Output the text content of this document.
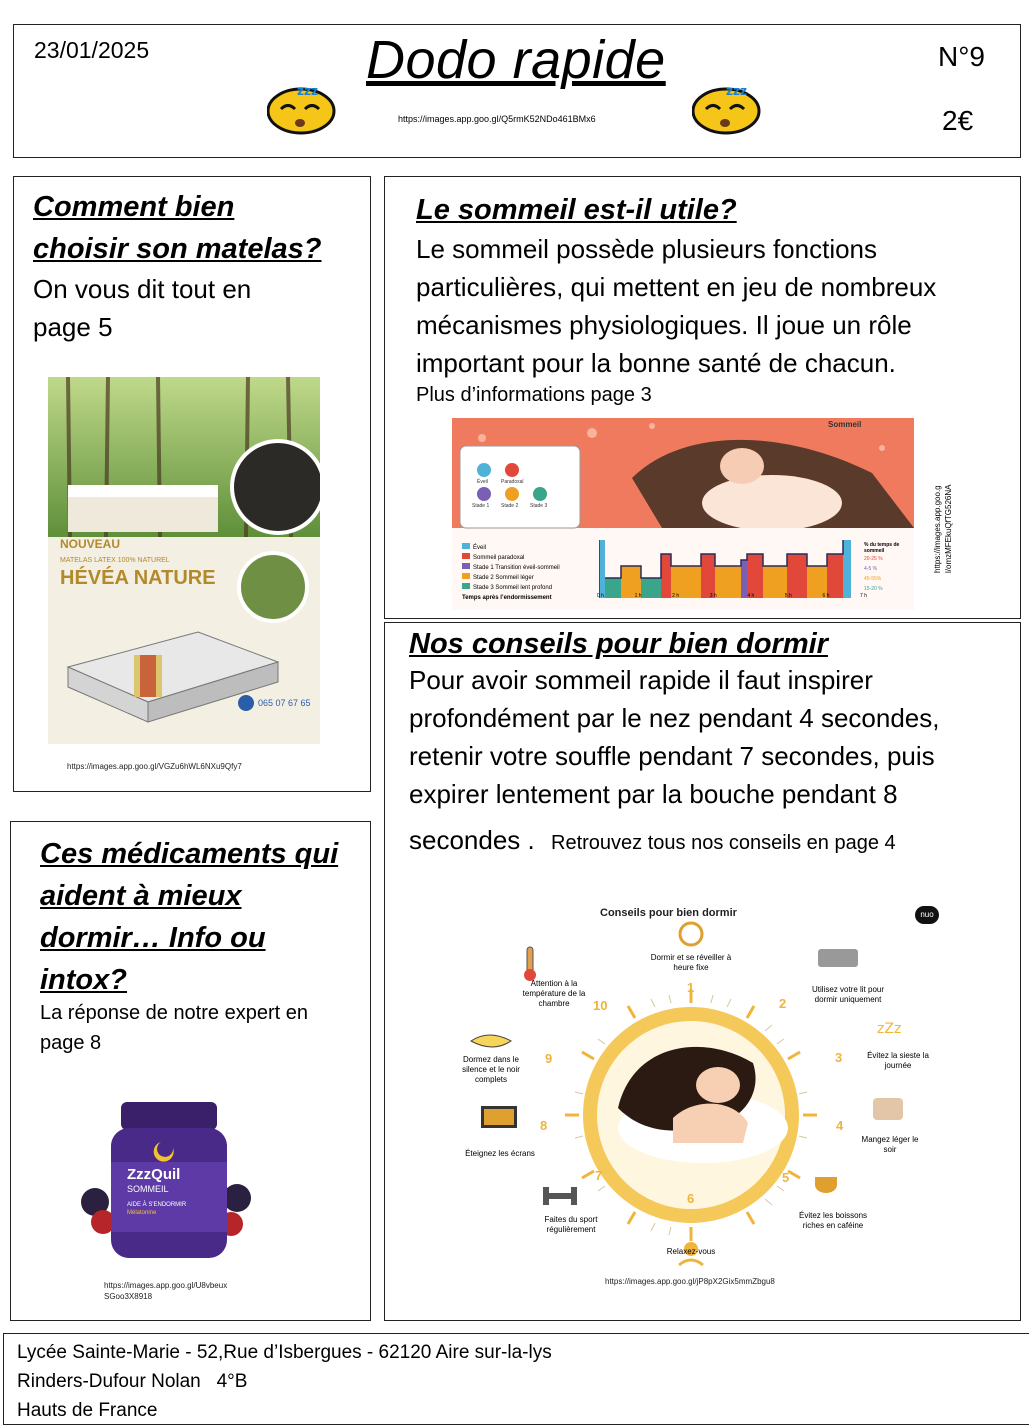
23/01/2025	Dodo rapide
https://images.app.goo.gl/Q5rmK52NDo461BMx6
N°9
2€
zzz	zzz
Comment bien
choisir son matelas?
On vous dit tout en
page 5
NOUVEAU
MATELAS LATEX 100% NATUREL
HÉVÉA NATURE
065 07 67 65
https://images.app.goo.gl/VGZu6hWL6NXu9Qfy7
Le sommeil est-il utile?
Le sommeil possède plusieurs fonctions
particulières, qui mettent en jeu de nombreux
mécanismes physiologiques. Il joue un rôle
important pour la bonne santé de chacun.
Plus d’informations page 3
Sommeil
Éveil	Paradoxal
Stade 1 Stade 2 Stade 3
Éveil
Sommeil paradoxal
Stade 1 Transition éveil-sommeil
Stade 2 Sommeil léger
Stade 3 Sommeil lent profond
Temps après l’endormissement	0 h	1 h	2 h	3 h	4 h	5 h	6 h	7 h
% du temps de sommeil
20-25 %
4-5 %
45-55%
15-20 %
https://images.app.goo.g l/omzMFEkuQfTG526NA
Nos conseils pour bien dormir
Pour avoir sommeil rapide il faut inspirer
profondément par le nez pendant 4 secondes,
retenir votre souffle pendant 7 secondes, puis
expirer lentement par la bouche pendant 8
secondes . Retrouvez tous nos conseils en page 4
zZz
Conseils pour bien dormir	nuo
1
2
3
4
5
6
7
8
9
10
Dormir et se réveiller à heure fixe
Utilisez votre lit pour dormir uniquement
Évitez la sieste la journée
Mangez léger le soir
Évitez les boissons riches en caféine
Relaxez-vous
Faites du sport régulièrement
Éteignez les écrans
Dormez dans le silence et le noir complets
Attention à la température de la chambre
https://images.app.goo.gl/jP8pX2Gix5mmZbgu8
Ces médicaments qui
aident à mieux
dormir… Info ou
intox?
La réponse de notre expert en
page 8
ZzzQuil
SOMMEIL
AIDE À S'ENDORMIR
Mélatonine
https://images.app.goo.gl/U8vbeux
SGoo3X8918
Lycée Sainte-Marie - 52,Rue d’Isbergues - 62120 Aire sur-la-lys
Rinders-Dufour Nolan   4°B
Hauts de France
